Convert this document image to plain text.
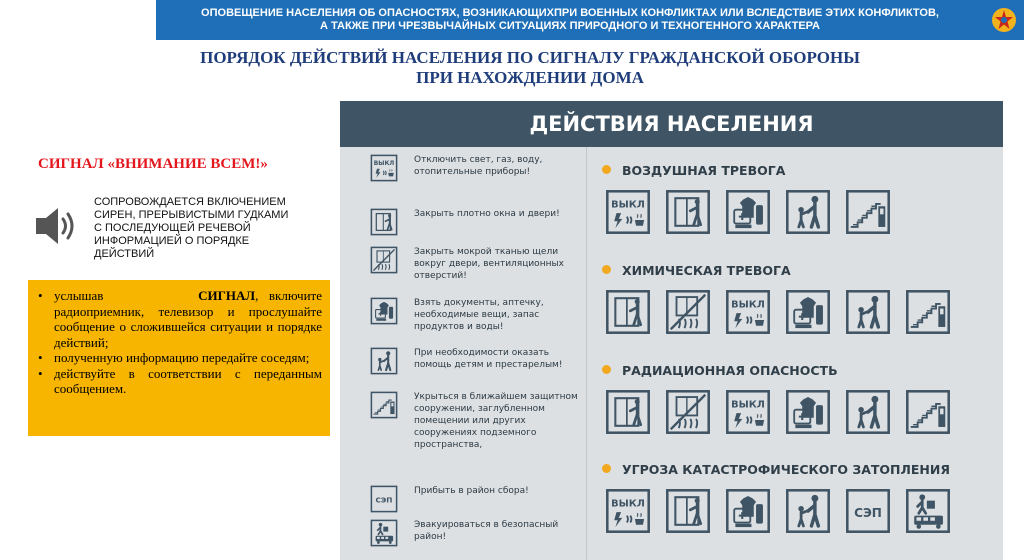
ОПОВЕЩЕНИЕ НАСЕЛЕНИЯ ОБ ОПАСНОСТЯХ, ВОЗНИКАЮЩИХПРИ ВОЕННЫХ КОНФЛИКТАХ ИЛИ ВСЛЕДСТВИЕ ЭТИХ КОНФЛИКТОВ,
А ТАКЖЕ ПРИ ЧРЕЗВЫЧАЙНЫХ СИТУАЦИЯХ ПРИРОДНОГО И ТЕХНОГЕННОГО ХАРАКТЕРА
ПОРЯДОК ДЕЙСТВИЙ НАСЕЛЕНИЯ ПО СИГНАЛУ ГРАЖДАНСКОЙ ОБОРОНЫ
ПРИ НАХОЖДЕНИИ ДОМА
СИГНАЛ «ВНИМАНИЕ ВСЕМ!»
СОПРОВОЖДАЕТСЯ ВКЛЮЧЕНИЕМ
СИРЕН, ПРЕРЫВИСТЫМИ ГУДКАМИ
С ПОСЛЕДУЮЩЕЙ РЕЧЕВОЙ
ИНФОРМАЦИЕЙ О ПОРЯДКЕ
ДЕЙСТВИЙ
• услышав	СИГНАЛ, включите радиоприемник, телевизор и прослушайте сообщение о сложившейся ситуации и порядке действий;
• полученную информацию передайте соседям;
• действуйте в соответствии с переданным сообщением.
ДЕЙСТВИЯ НАСЕЛЕНИЯ
ВЫКЛ Отключить свет, газ, воду, отопительные приборы!
Закрыть плотно окна и двери!
Закрыть мокрой тканью щели вокруг двери, вентиляционных отверстий!
Взять документы, аптечку, необходимые вещи, запас продуктов и воды!
При необходимости оказать помощь детям и престарелым!
Укрыться в ближайшем защитном сооружении, заглубленном помещении или других сооружениях подземного пространства,
СЭП
Прибыть в район сбора!
Эвакуироваться в безопасный район!
ВОЗДУШНАЯ ТРЕВОГА
ВЫКЛ
ХИМИЧЕСКАЯ ТРЕВОГА
ВЫКЛ
РАДИАЦИОННАЯ ОПАСНОСТЬ
ВЫКЛ
УГРОЗА КАТАСТРОФИЧЕСКОГО ЗАТОПЛЕНИЯ
ВЫКЛ
СЭП
